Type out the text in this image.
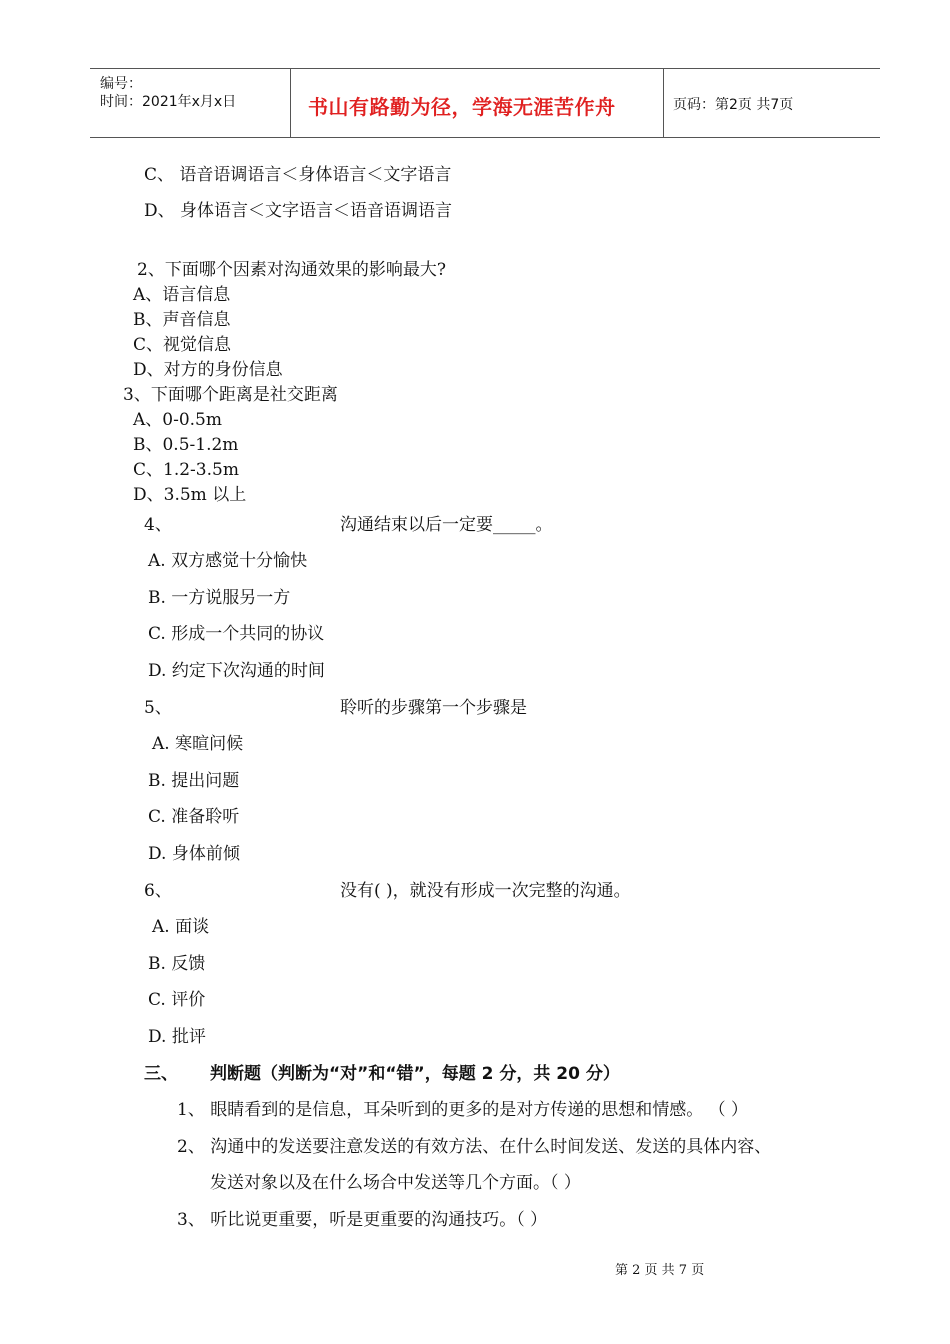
编号：
时间：2021年x月x日	书山有路勤为径，学海无涯苦作舟	页码：第2页 共7页
C、 语音语调语言＜身体语言＜文字语言
D、 身体语言＜文字语言＜语音语调语言
2、下面哪个因素对沟通效果的影响最大?
A、语言信息
B、声音信息
C、视觉信息
D、对方的身份信息
3、下面哪个距离是社交距离
A、0-0.5m
B、0.5-1.2m
C、1.2-3.5m
D、3.5m 以上
4、	沟通结束以后一定要_____。
A. 双方感觉十分愉快
B. 一方说服另一方
C. 形成一个共同的协议
D. 约定下次沟通的时间
5、	聆听的步骤第一个步骤是
A. 寒暄问候
B. 提出问题
C. 准备聆听
D. 身体前倾
6、	没有( )，就没有形成一次完整的沟通。
A. 面谈
B. 反馈
C. 评价
D. 批评
三、 判断题（判断为“对”和“错”，每题 2 分，共 20 分）
1、 眼睛看到的是信息，耳朵听到的更多的是对方传递的思想和情感。 （ ）
2、 沟通中的发送要注意发送的有效方法、在什么时间发送、发送的具体内容、
发送对象以及在什么场合中发送等几个方面。（ ）
3、 听比说更重要，听是更重要的沟通技巧。（ ）
第 2 页 共 7 页
